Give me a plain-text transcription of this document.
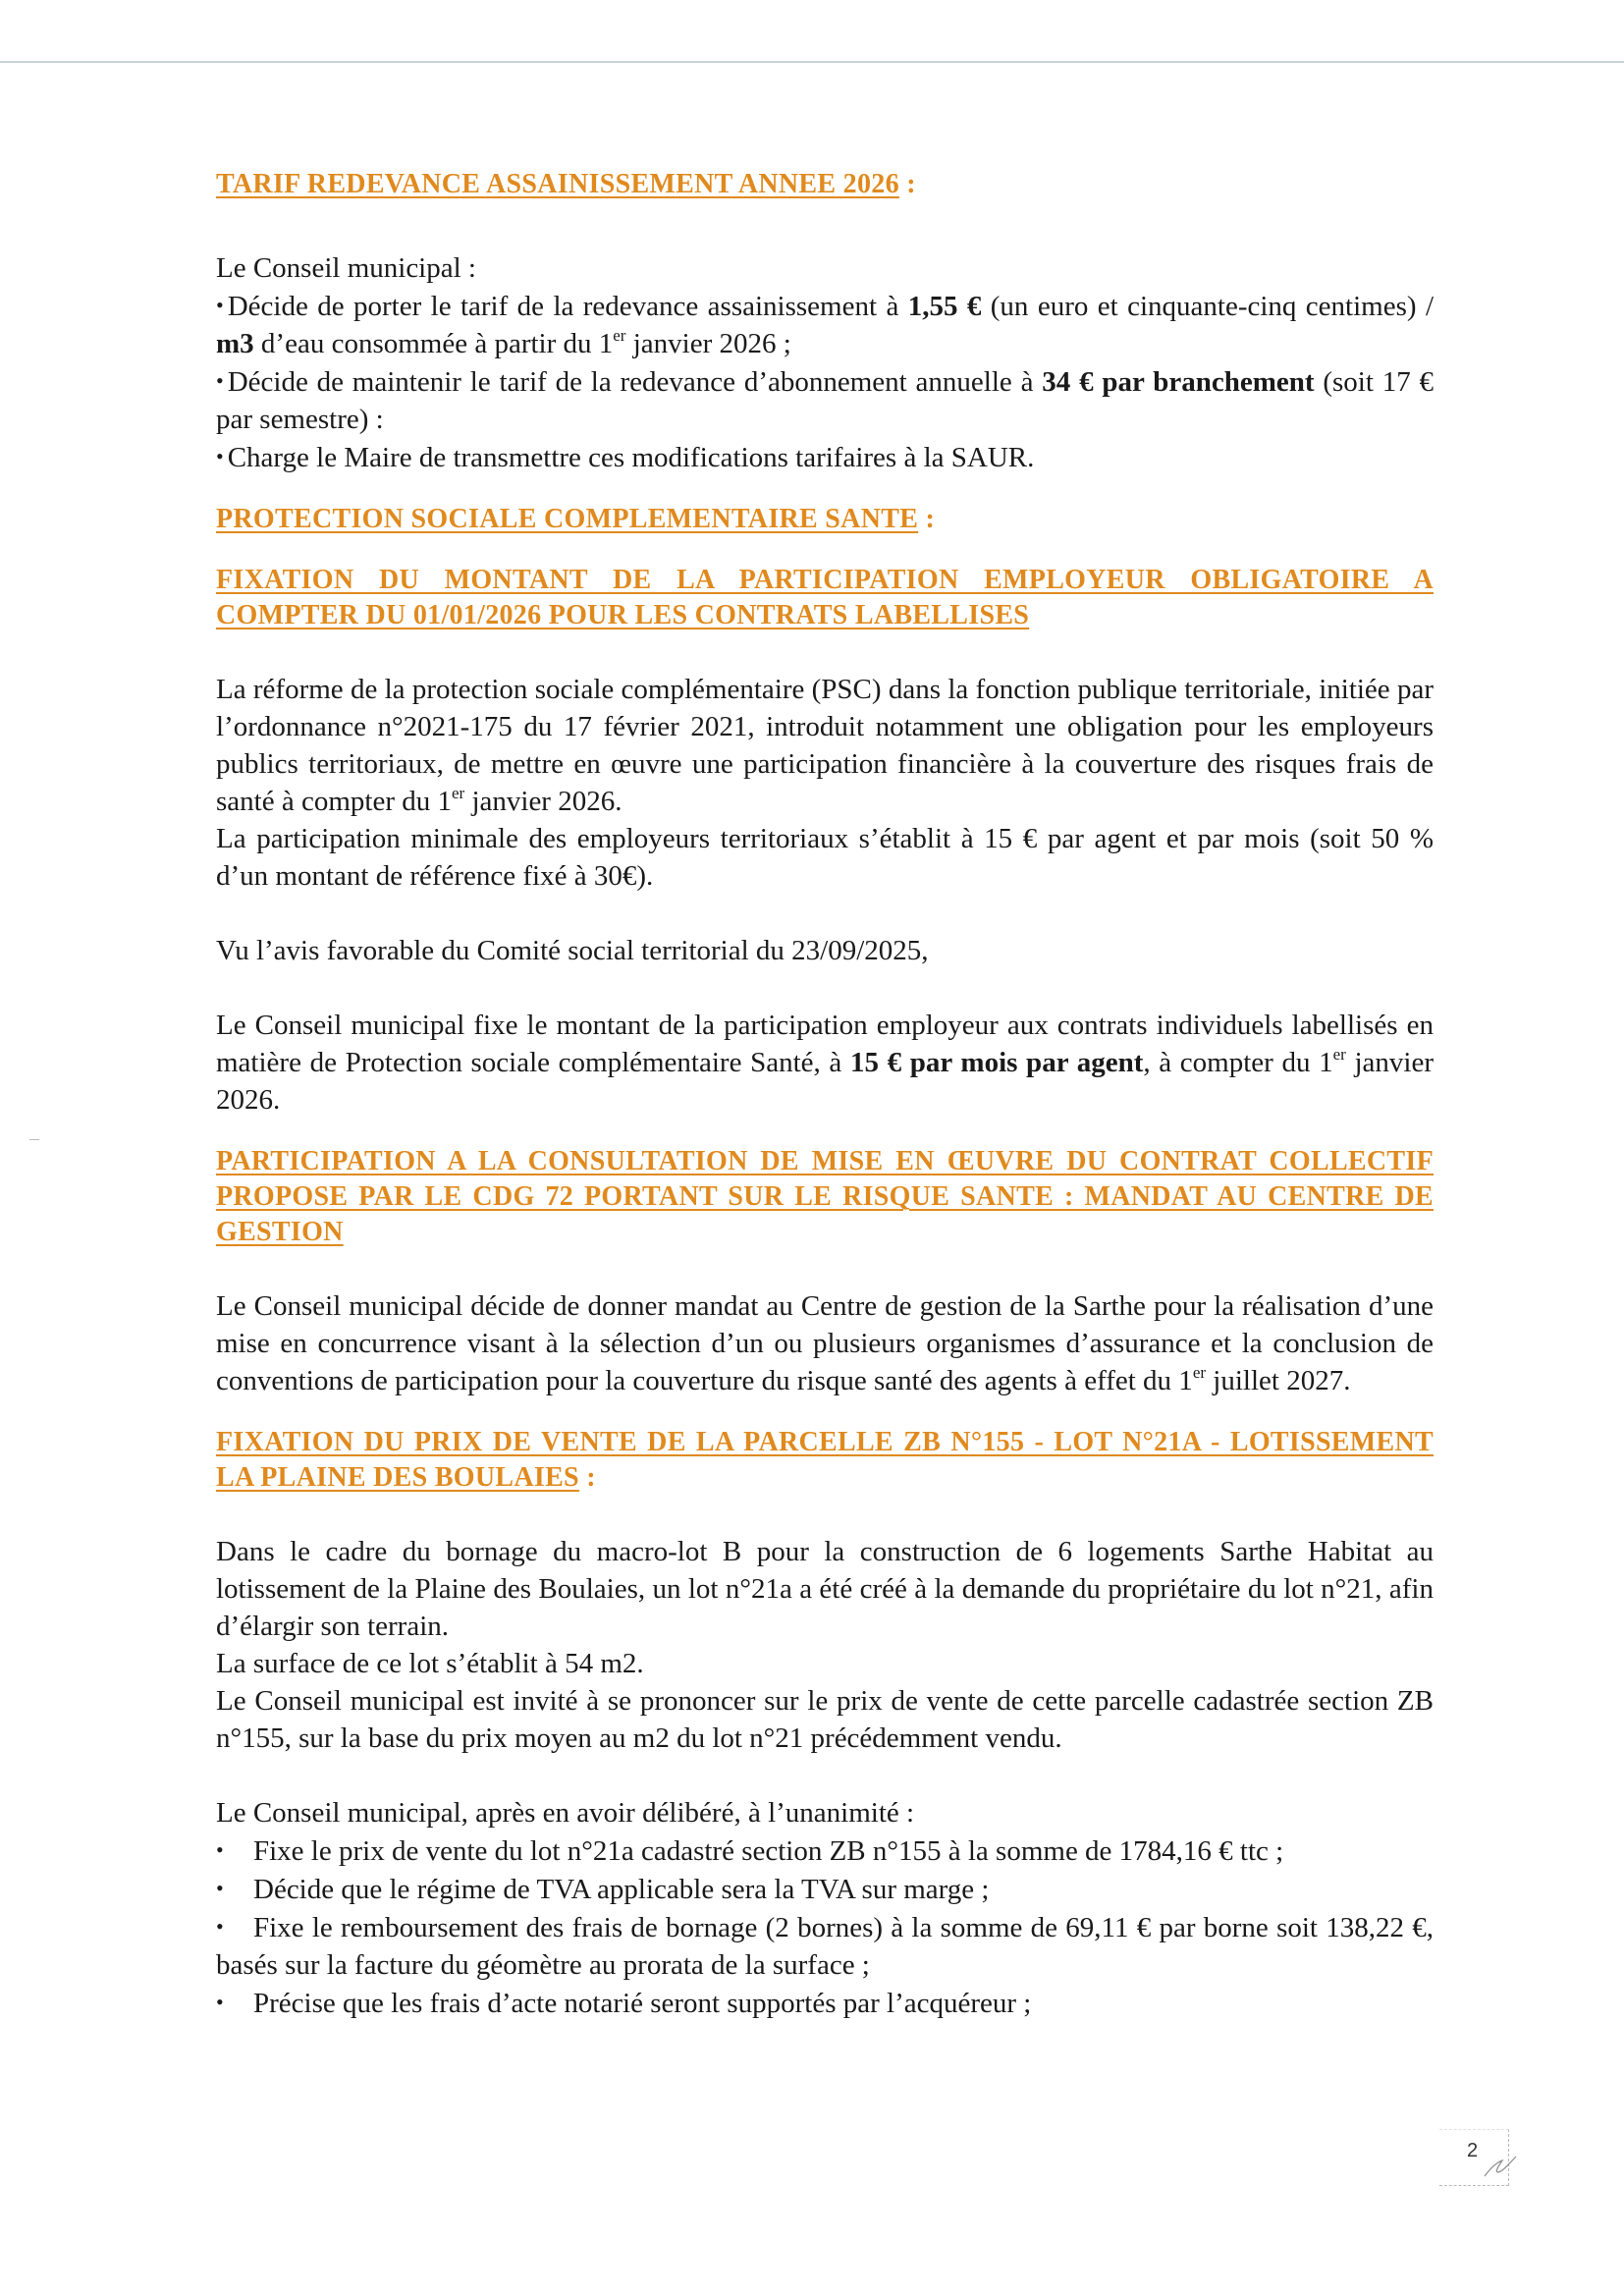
TARIF REDEVANCE ASSAINISSEMENT ANNEE 2026 :

Le Conseil municipal :

• Décide de porter le tarif de la redevance assainissement à 1,55 € (un euro et cinquante-cinq centimes) / m3 d’eau consommée à partir du 1er janvier 2026 ;
• Décide de maintenir le tarif de la redevance d’abonnement annuelle à 34 € par branchement (soit 17 € par semestre) :
• Charge le Maire de transmettre ces modifications tarifaires à la SAUR.
PROTECTION SOCIALE COMPLEMENTAIRE SANTE :
FIXATION DU MONTANT DE LA PARTICIPATION EMPLOYEUR OBLIGATOIRE A COMPTER DU 01/01/2026 POUR LES CONTRATS LABELLISES

La réforme de la protection sociale complémentaire (PSC) dans la fonction publique territoriale, initiée par l’ordonnance n°2021-175 du 17 février 2021, introduit notamment une obligation pour les employeurs publics territoriaux, de mettre en œuvre une participation financière à la couverture des risques frais de santé à compter du 1er janvier 2026.

La participation minimale des employeurs territoriaux s’établit à 15 € par agent et par mois (soit 50 % d’un montant de référence fixé à 30€).

Vu l’avis favorable du Comité social territorial du 23/09/2025,

Le Conseil municipal fixe le montant de la participation employeur aux contrats individuels labellisés en matière de Protection sociale complémentaire Santé, à 15 € par mois par agent, à compter du 1er janvier 2026.

PARTICIPATION A LA CONSULTATION DE MISE EN ŒUVRE DU CONTRAT COLLECTIF PROPOSE PAR LE CDG 72 PORTANT SUR LE RISQUE SANTE : MANDAT AU CENTRE DE GESTION

Le Conseil municipal décide de donner mandat au Centre de gestion de la Sarthe pour la réalisation d’une mise en concurrence visant à la sélection d’un ou plusieurs organismes d’assurance et la conclusion de conventions de participation pour la couverture du risque santé des agents à effet du 1er juillet 2027.

FIXATION DU PRIX DE VENTE DE LA PARCELLE ZB N°155 - LOT N°21A - LOTISSEMENT LA PLAINE DES BOULAIES :

Dans le cadre du bornage du macro-lot B pour la construction de 6 logements Sarthe Habitat au lotissement de la Plaine des Boulaies, un lot n°21a a été créé à la demande du propriétaire du lot n°21, afin d’élargir son terrain.

La surface de ce lot s’établit à 54 m2.

Le Conseil municipal est invité à se prononcer sur le prix de vente de cette parcelle cadastrée section ZB n°155, sur la base du prix moyen au m2 du lot n°21 précédemment vendu.

Le Conseil municipal, après en avoir délibéré, à l’unanimité :

• Fixe le prix de vente du lot n°21a cadastré section ZB n°155 à la somme de 1784,16 € ttc ;
• Décide que le régime de TVA applicable sera la TVA sur marge ;
• Fixe le remboursement des frais de bornage (2 bornes) à la somme de 69,11 € par borne soit 138,22 €, basés sur la facture du géomètre au prorata de la surface ;
• Précise que les frais d’acte notarié seront supportés par l’acquéreur ;
2
